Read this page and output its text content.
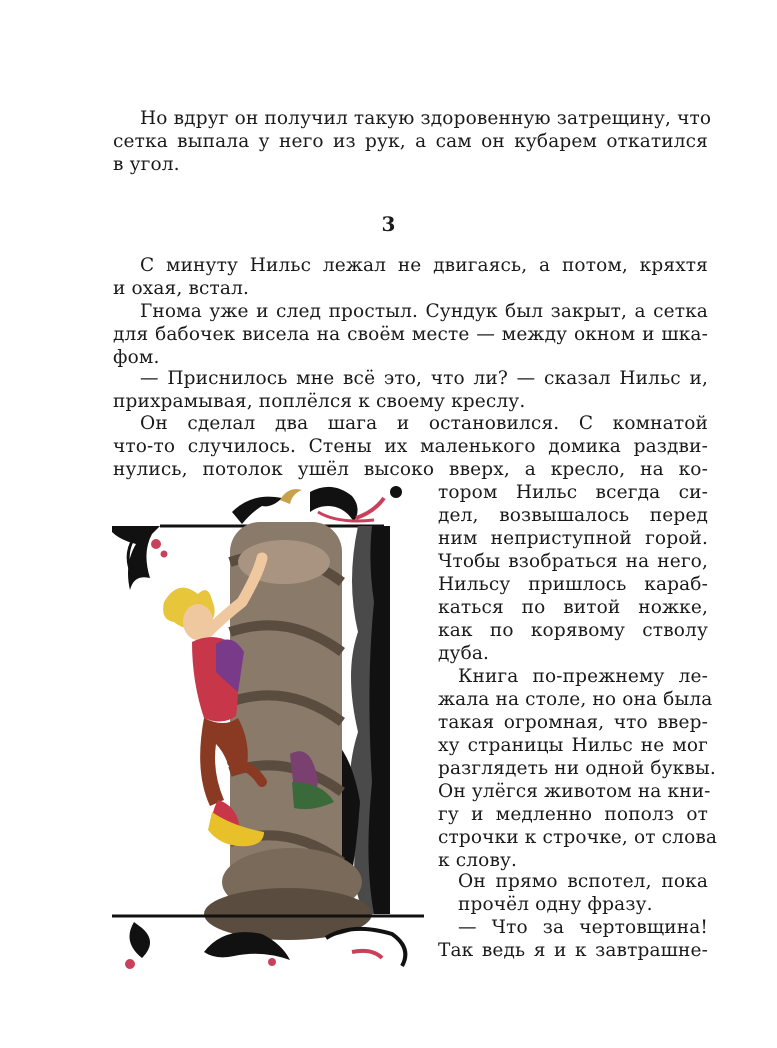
Но вдруг он получил такую здоровенную затрещину, что

сетка выпала у него из рук, а сам он кубарем откатился

в угол.

3

С минуту Нильс лежал не двигаясь, а потом, кряхтя

и охая, встал.

Гнома уже и след простыл. Сундук был закрыт, а сетка

для бабочек висела на своём месте — между окном и шка-

фом.

— Приснилось мне всё это, что ли? — сказал Нильс и,

прихрамывая, поплёлся к своему креслу.

Он сделал два шага и остановился. С комнатой

что-то случилось. Стены их маленького домика раздви-

нулись, потолок ушёл высоко вверх, а кресло, на ко-

тором Нильс всегда си-

дел, возвышалось перед

ним неприступной горой.

Чтобы взобраться на него,

Нильсу пришлось караб-

каться по витой ножке,

как по корявому стволу

дуба.

Книга по-прежнему ле-

жала на столе, но она была

такая огромная, что ввер-

ху страницы Нильс не мог

разглядеть ни одной буквы.

Он улёгся животом на кни-

гу и медленно пополз от

строчки к строчке, от слова

к слову.

Он прямо вспотел, пока

прочёл одну фразу.

— Что за чертовщина!

Так ведь я и к завтрашне-
